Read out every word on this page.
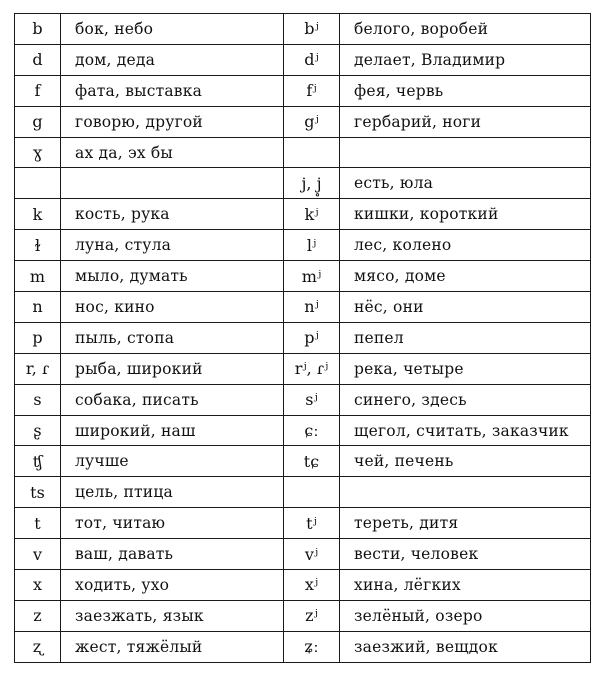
b	бок, небо	bʲ	белого, воробей
d	дом, деда	dʲ	делает, Владимир
f	фата, выставка	fʲ	фея, червь
g	говорю, другой	gʲ	гербарий, ноги
ɣ	ах да, эх бы		
		j, j̥	есть, юла
k	кость, рука	kʲ	кишки, короткий
ɫ	луна, стула	lʲ	лес, колено
m	мыло, думать	mʲ	мясо, доме
n	нос, кино	nʲ	нёс, они
p	пыль, стопа	pʲ	пепел
r, ɾ	рыба, широкий	rʲ, ɾʲ	река, четыре
s	собака, писать	sʲ	синего, здесь
ʂ	широкий, наш	ɕː	щегол, считать, заказчик
ʧ	лучше	tɕ	чей, печень
ts	цель, птица		
t	тот, читаю	tʲ	тереть, дитя
v	ваш, давать	vʲ	вести, человек
x	ходить, ухо	xʲ	хина, лёгких
z	заезжать, язык	zʲ	зелёный, озеро
ʐ	жест, тяжёлый	ʑː	заезжий, вещдок
